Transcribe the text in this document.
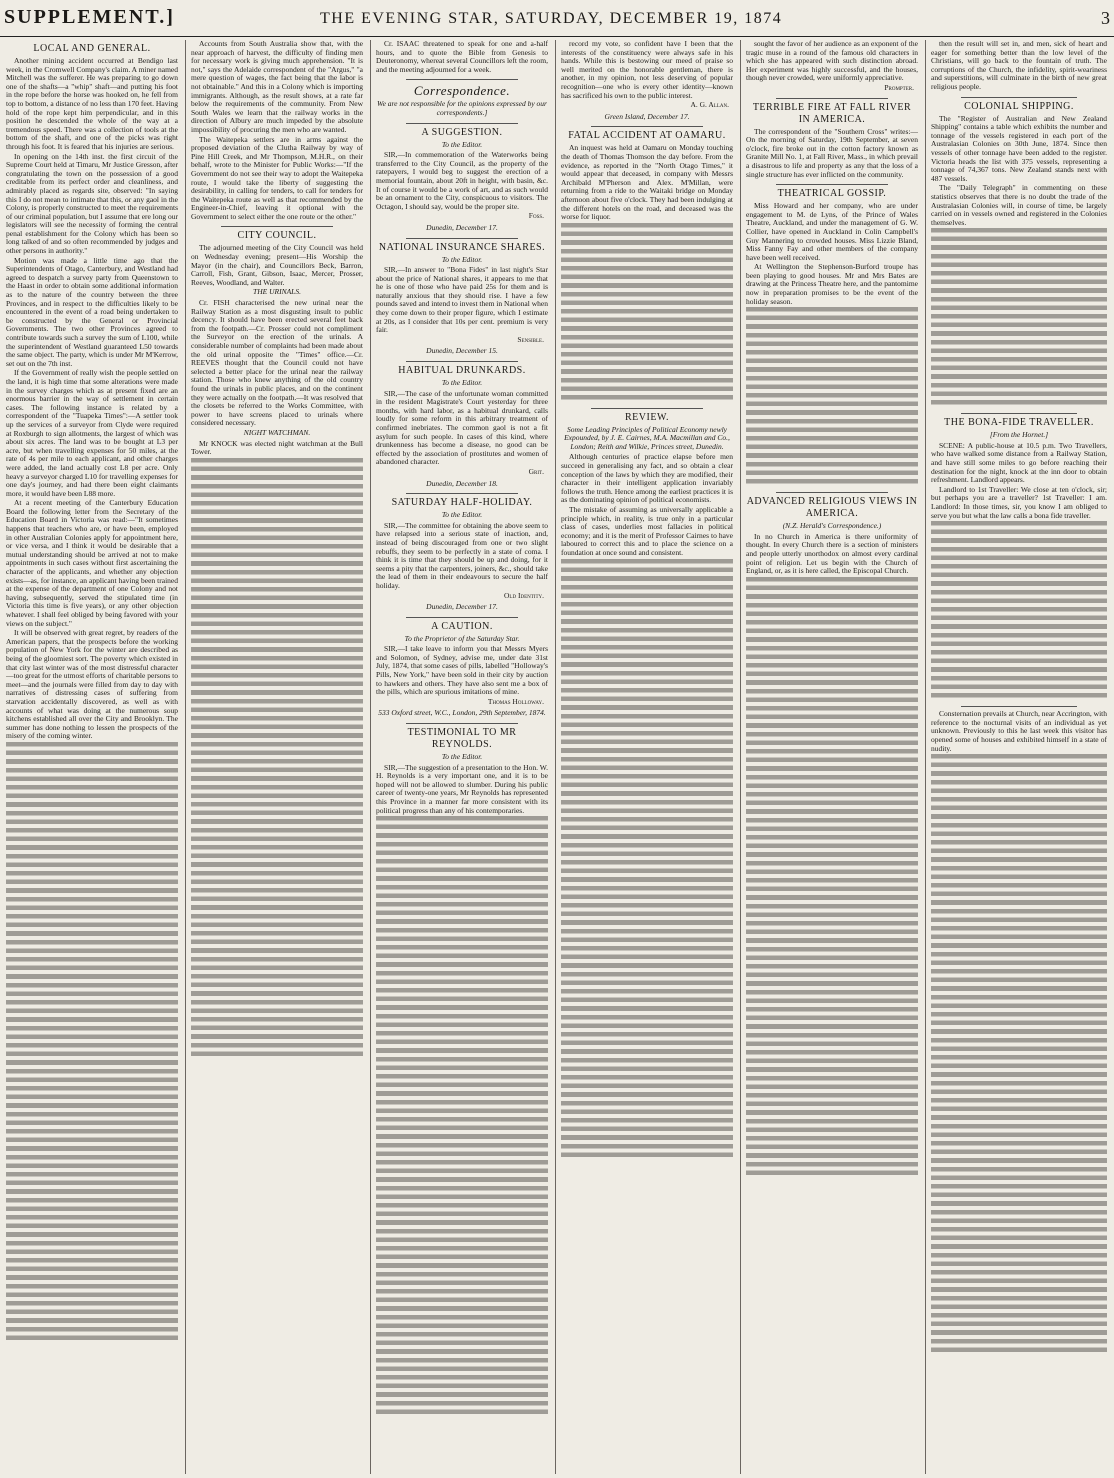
SUPPLEMENT.]	THE EVENING STAR, SATURDAY, DECEMBER 19, 1874	3
LOCAL AND GENERAL.

Another mining accident occurred at Bendigo last week, in the Cromwell Company's claim. A miner named Mitchell was the sufferer. He was preparing to go down one of the shafts—a "whip" shaft—and putting his foot in the rope before the horse was hooked on, he fell from top to bottom, a distance of no less than 170 feet. Having hold of the rope kept him perpendicular, and in this position he descended the whole of the way at a tremendous speed. There was a collection of tools at the bottom of the shaft, and one of the picks was right through his foot. It is feared that his injuries are serious.

In opening on the 14th inst. the first circuit of the Supreme Court held at Timaru, Mr Justice Gresson, after congratulating the town on the possession of a good creditable from its perfect order and cleanliness, and admirably placed as regards site, observed: "In saying this I do not mean to intimate that this, or any gaol in the Colony, is properly constructed to meet the requirements of our criminal population, but I assume that ere long our legislators will see the necessity of forming the central penal establishment for the Colony which has been so long talked of and so often recommended by judges and other persons in authority."

Motion was made a little time ago that the Superintendents of Otago, Canterbury, and Westland had agreed to despatch a survey party from Queenstown to the Haast in order to obtain some additional information as to the nature of the country between the three Provinces, and in respect to the difficulties likely to be encountered in the event of a road being undertaken to be constructed by the General or Provincial Governments. The two other Provinces agreed to contribute towards such a survey the sum of L100, while the superintendent of Westland guaranteed L50 towards the same object. The party, which is under Mr M'Kerrow, set out on the 7th inst.

If the Government of really wish the people settled on the land, it is high time that some alterations were made in the survey charges which as at present fixed are an enormous barrier in the way of settlement in certain cases. The following instance is related by a correspondent of the "Tuapeka Times":—A settler took up the services of a surveyor from Clyde were required at Roxburgh to sign allotments, the largest of which was about six acres. The land was to be bought at L3 per acre, but when travelling expenses for 50 miles, at the rate of 4s per mile to each applicant, and other charges were added, the land actually cost L8 per acre. Only heavy a surveyor charged L10 for travelling expenses for one day's journey, and had there been eight claimants more, it would have been L88 more.

At a recent meeting of the Canterbury Education Board the following letter from the Secretary of the Education Board in Victoria was read:—"It sometimes happens that teachers who are, or have been, employed in other Australian Colonies apply for appointment here, or vice versa, and I think it would be desirable that a mutual understanding should be arrived at not to make appointments in such cases without first ascertaining the character of the applicants, and whether any objection exists—as, for instance, an applicant having been trained at the expense of the department of one Colony and not having, subsequently, served the stipulated time (in Victoria this time is five years), or any other objection whatever. I shall feel obliged by being favored with your views on the subject."

It will be observed with great regret, by readers of the American papers, that the prospects before the working population of New York for the winter are described as being of the gloomiest sort. The poverty which existed in that city last winter was of the most distressful character—too great for the utmost efforts of charitable persons to meet—and the journals were filled from day to day with narratives of distressing cases of suffering from starvation accidentally discovered, as well as with accounts of what was doing at the numerous soup kitchens established all over the City and Brooklyn. The summer has done nothing to lessen the prospects of the misery of the coming winter.

Accounts from South Australia show that, with the near approach of harvest, the difficulty of finding men for necessary work is giving much apprehension. "It is not," says the Adelaide correspondent of the "Argus," "a mere question of wages, the fact being that the labor is not obtainable." And this in a Colony which is importing immigrants. Although, as the result shows, at a rate far below the requirements of the community. From New South Wales we learn that the railway works in the direction of Albury are much impeded by the absolute impossibility of procuring the men who are wanted.

The Waitepeka settlers are in arms against the proposed deviation of the Clutha Railway by way of Pine Hill Creek, and Mr Thompson, M.H.R., on their behalf, wrote to the Minister for Public Works:—"If the Government do not see their way to adopt the Waitepeka route, I would take the liberty of suggesting the desirability, in calling for tenders, to call for tenders for the Waitepeka route as well as that recommended by the Engineer-in-Chief, leaving it optional with the Government to select either the one route or the other."

CITY COUNCIL.

The adjourned meeting of the City Council was held on Wednesday evening; present—His Worship the Mayor (in the chair), and Councillors Beck, Barron, Carroll, Fish, Grant, Gibson, Isaac, Mercer, Prosser, Reeves, Woodland, and Walter.

THE URINALS.

Cr. FISH characterised the new urinal near the Railway Station as a most disgusting insult to public decency. It should have been erected several feet back from the footpath.—Cr. Prosser could not compliment the Surveyor on the erection of the urinals. A considerable number of complaints had been made about the old urinal opposite the "Times" office.—Cr. REEVES thought that the Council could not have selected a better place for the urinal near the railway station. Those who knew anything of the old country found the urinals in public places, and on the continent they were actually on the footpath.—It was resolved that the closets be referred to the Works Committee, with power to have screens placed to urinals where considered necessary.

NIGHT WATCHMAN.

Mr KNOCK was elected night watchman at the Bull Tower.

Cr. ISAAC threatened to speak for one and a-half hours, and to quote the Bible from Genesis to Deuteronomy, whereat several Councillors left the room, and the meeting adjourned for a week.

Correspondence.
We are not responsible for the opinions expressed by our correspondents.]
A SUGGESTION.
To the Editor.

SIR,—In commemoration of the Waterworks being transferred to the City Council, as the property of the ratepayers, I would beg to suggest the erection of a memorial fountain, about 20ft in height, with basin, &c. It of course it would be a work of art, and as such would be an ornament to the City, conspicuous to visitors. The Octagon, I should say, would be the proper site.

Foss.
Dunedin, December 17.
NATIONAL INSURANCE SHARES.
To the Editor.

SIR,—In answer to "Bona Fides" in last night's Star about the price of National shares, it appears to me that he is one of those who have paid 25s for them and is naturally anxious that they should rise. I have a few pounds saved and intend to invest them in National when they come down to their proper figure, which I estimate at 20s, as I consider that 10s per cent. premium is very fair.

Sensible.
Dunedin, December 15.
HABITUAL DRUNKARDS.
To the Editor.

SIR,—The case of the unfortunate woman committed in the resident Magistrate's Court yesterday for three months, with hard labor, as a habitual drunkard, calls loudly for some reform in this arbitrary treatment of confirmed inebriates. The common gaol is not a fit asylum for such people. In cases of this kind, where drunkenness has become a disease, no good can be effected by the association of prostitutes and women of abandoned character.

Grit.
Dunedin, December 18.
SATURDAY HALF-HOLIDAY.
To the Editor.

SIR,—The committee for obtaining the above seem to have relapsed into a serious state of inaction, and, instead of being discouraged from one or two slight rebuffs, they seem to be perfectly in a state of coma. I think it is time that they should be up and doing, for it seems a pity that the carpenters, joiners, &c., should take the lead of them in their endeavours to secure the half holiday.

Old Identity.
Dunedin, December 17.
A CAUTION.
To the Proprietor of the Saturday Star.

SIR,—I take leave to inform you that Messrs Myers and Solomon, of Sydney, advise me, under date 31st July, 1874, that some cases of pills, labelled "Holloway's Pills, New York," have been sold in their city by auction to hawkers and others. They have also sent me a box of the pills, which are spurious imitations of mine.

Thomas Holloway.
533 Oxford street, W.C., London, 29th September, 1874.
TESTIMONIAL TO MR REYNOLDS.
To the Editor.

SIR,—The suggestion of a presentation to the Hon. W. H. Reynolds is a very important one, and it is to be hoped will not be allowed to slumber. During his public career of twenty-one years, Mr Reynolds has represented this Province in a manner far more consistent with its political progress than any of his contemporaries.

record my vote, so confident have I been that the interests of the constituency were always safe in his hands. While this is bestowing our meed of praise so well merited on the honorable gentleman, there is another, in my opinion, not less deserving of popular recognition—one who is every other identity—known has sacrificed his own to the public interest.

A. G. Allan.
Green Island, December 17.
FATAL ACCIDENT AT OAMARU.

An inquest was held at Oamaru on Monday touching the death of Thomas Thomson the day before. From the evidence, as reported in the "North Otago Times," it would appear that deceased, in company with Messrs Archibald M'Pherson and Alex. M'Millan, were returning from a ride to the Waitaki bridge on Monday afternoon about five o'clock. They had been indulging at the different hotels on the road, and deceased was the worse for liquor.

REVIEW.
Some Leading Principles of Political Economy newly Expounded, by J. E. Cairnes, M.A. Macmillan and Co., London; Reith and Wilkie, Princes street, Dunedin.

Although centuries of practice elapse before men succeed in generalising any fact, and so obtain a clear conception of the laws by which they are modified, their character in their intelligent application invariably follows the truth. Hence among the earliest practices it is as the dominating opinion of political economists.

The mistake of assuming as universally applicable a principle which, in reality, is true only in a particular class of cases, underlies most fallacies in political economy; and it is the merit of Professor Cairnes to have laboured to correct this and to place the science on a foundation at once sound and consistent.

sought the favor of her audience as an exponent of the tragic muse in a round of the famous old characters in which she has appeared with such distinction abroad. Her experiment was highly successful, and the houses, though never crowded, were uniformly appreciative.

Prompter.
TERRIBLE FIRE AT FALL RIVER IN AMERICA.

The correspondent of the "Southern Cross" writes:—On the morning of Saturday, 19th September, at seven o'clock, fire broke out in the cotton factory known as Granite Mill No. 1, at Fall River, Mass., in which prevail a disastrous to life and property as any that the loss of a single structure has ever inflicted on the community.

THEATRICAL GOSSIP.

Miss Howard and her company, who are under engagement to M. de Lyns, of the Prince of Wales Theatre, Auckland, and under the management of G. W. Collier, have opened in Auckland in Colin Campbell's Guy Mannering to crowded houses. Miss Lizzie Bland, Miss Fanny Fay and other members of the company have been well received.

At Wellington the Stephenson-Burford troupe has been playing to good houses. Mr and Mrs Bates are drawing at the Princess Theatre here, and the pantomime now in preparation promises to be the event of the holiday season.

ADVANCED RELIGIOUS VIEWS IN AMERICA.
(N.Z. Herald's Correspondence.)

In no Church in America is there uniformity of thought. In every Church there is a section of ministers and people utterly unorthodox on almost every cardinal point of religion. Let us begin with the Church of England, or, as it is here called, the Episcopal Church.

then the result will set in, and men, sick of heart and eager for something better than the low level of the Christians, will go back to the fountain of truth. The corruptions of the Church, the infidelity, spirit-weariness and superstitions, will culminate in the birth of new great religious people.

COLONIAL SHIPPING.

The "Register of Australian and New Zealand Shipping" contains a table which exhibits the number and tonnage of the vessels registered in each port of the Australasian Colonies on 30th June, 1874. Since then vessels of other tonnage have been added to the register. Victoria heads the list with 375 vessels, representing a tonnage of 74,367 tons. New Zealand stands next with 487 vessels.

The "Daily Telegraph" in commenting on these statistics observes that there is no doubt the trade of the Australasian Colonies will, in course of time, be largely carried on in vessels owned and registered in the Colonies themselves.

THE BONA-FIDE TRAVELLER.
[From the Hornet.]

SCENE: A public-house at 10.5 p.m. Two Travellers, who have walked some distance from a Railway Station, and have still some miles to go before reaching their destination for the night, knock at the inn door to obtain refreshment. Landlord appears.

Landlord to 1st Traveller: We close at ten o'clock, sir; but perhaps you are a traveller? 1st Traveller: I am. Landlord: In those times, sir, you know I am obliged to serve you but what the law calls a bona fide traveller.

Consternation prevails at Church, near Accrington, with reference to the nocturnal visits of an individual as yet unknown. Previously to this he last week this visitor has opened some of houses and exhibited himself in a state of nudity.
